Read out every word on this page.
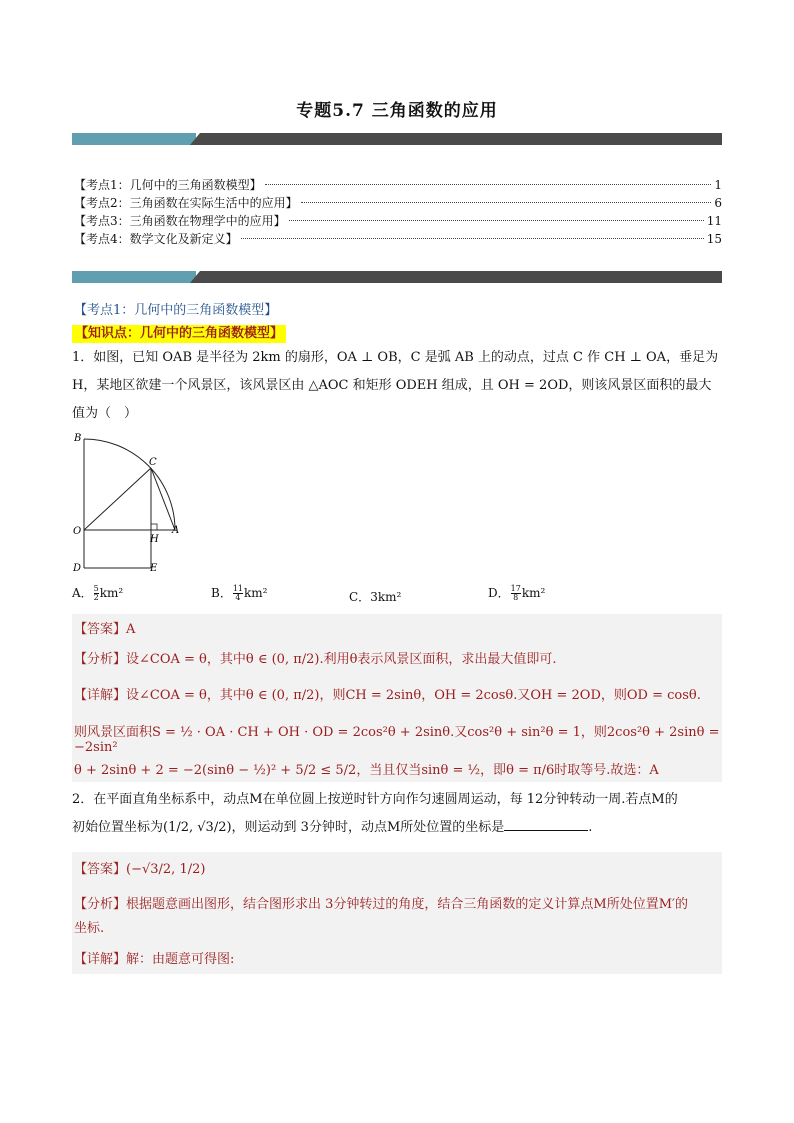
专题5.7 三角函数的应用
【考点1：几何中的三角函数模型】	1
【考点2：三角函数在实际生活中的应用】	6
【考点3：三角函数在物理学中的应用】	11
【考点4：数学文化及新定义】	15
【考点1：几何中的三角函数模型】
【知识点：几何中的三角函数模型】
1．如图，已知 OAB 是半径为 2km 的扇形，OA ⊥ OB，C 是弧 AB 上的动点，过点 C 作 CH ⊥ OA，垂足为
H，某地区欲建一个风景区，该风景区由 △AOC 和矩形 ODEH 组成，且 OH = 2OD，则该风景区面积的最大
值为（　）
B
C
O
H
A
D	E
A． $\frac{5}{2} km^2$	B． $\frac{11}{4} km^2$	C．3km²	D． $\frac{17}{8} km^2$
【答案】A
【分析】设∠COA = θ，其中θ ∈ (0, π/2).利用θ表示风景区面积，求出最大值即可.
【详解】设∠COA = θ，其中θ ∈ (0, π/2)，则CH = 2sinθ，OH = 2cosθ.又OH = 2OD，则OD = cosθ.
则风景区面积S = ½ · OA · CH + OH · OD = 2cos²θ + 2sinθ.又cos²θ + sin²θ = 1，则2cos²θ + 2sinθ = −2sin²
θ + 2sinθ + 2 = −2(sinθ − ½)² + 5/2 ≤ 5/2，当且仅当sinθ = ½，即θ = π/6时取等号.故选：A
2．在平面直角坐标系中，动点M在单位圆上按逆时针方向作匀速圆周运动，每 12分钟转动一周.若点M的
初始位置坐标为(1/2, √3/2)，则运动到 3分钟时，动点M所处位置的坐标是	.
【答案】(−√3/2, 1/2)
【分析】根据题意画出图形，结合图形求出 3分钟转过的角度，结合三角函数的定义计算点M所处位置M′的
坐标.
【详解】解：由题意可得图:
